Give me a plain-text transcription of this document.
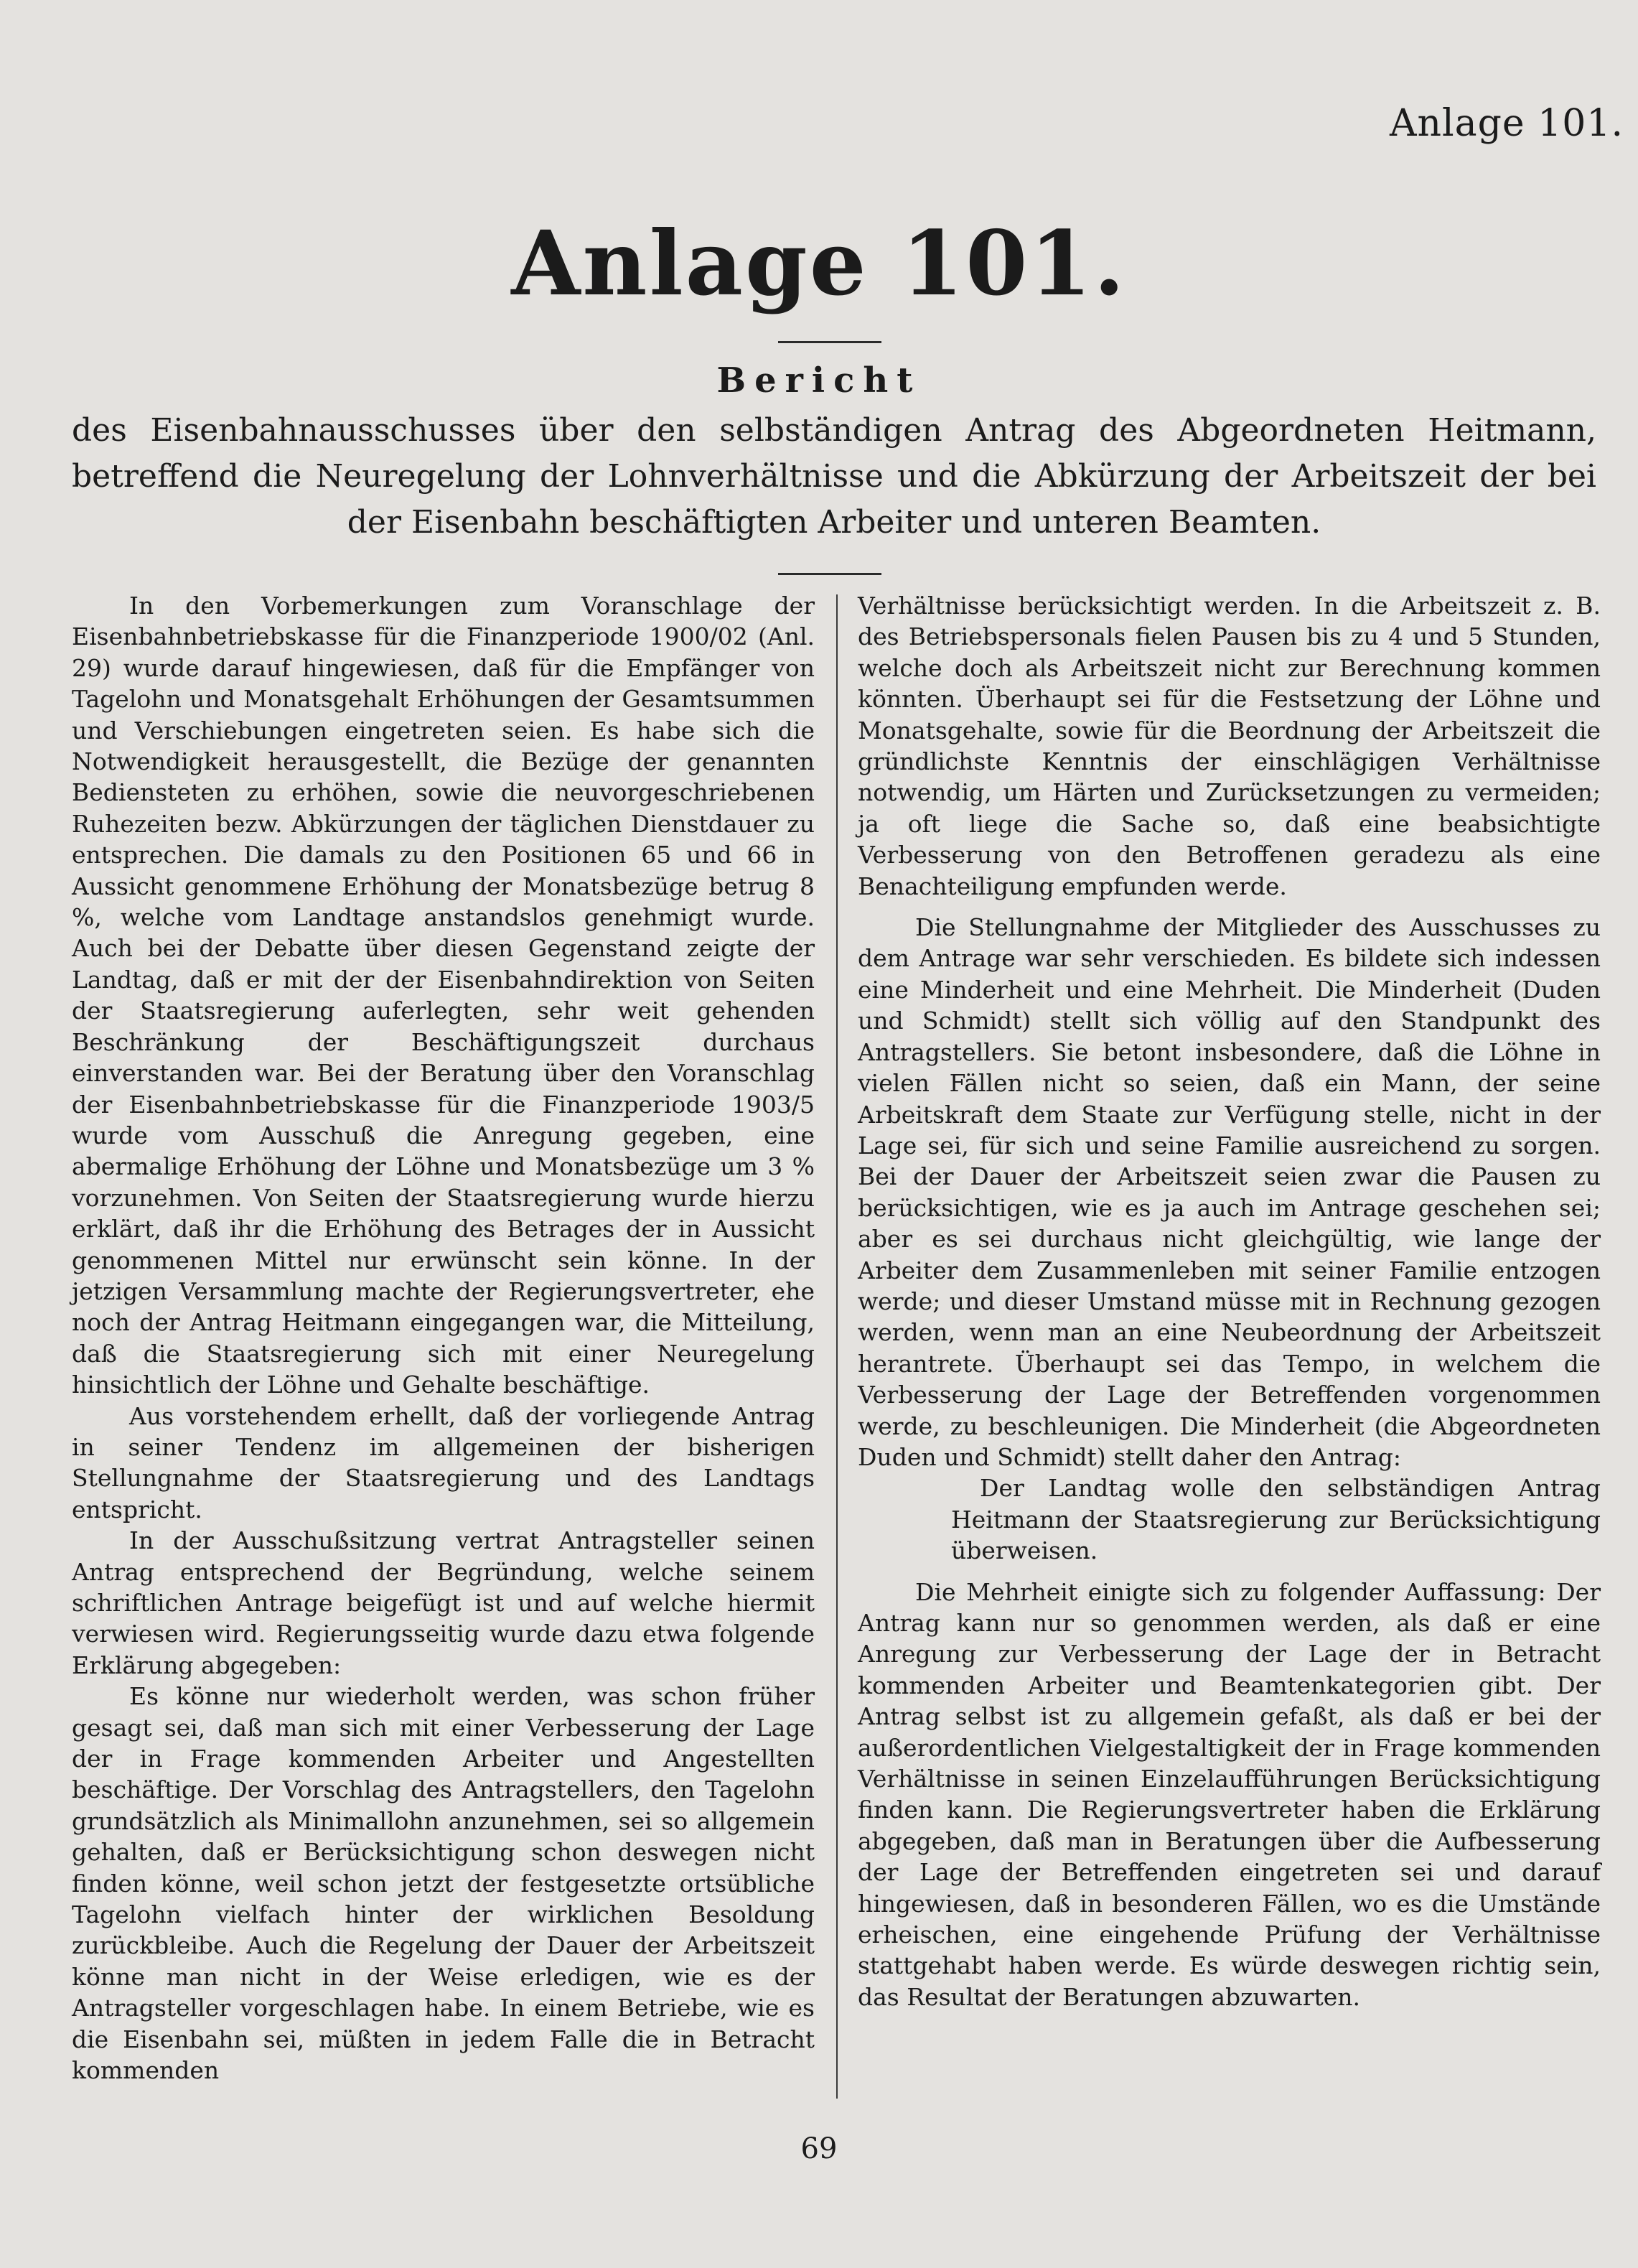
Anlage 101.
Anlage 101.
Bericht
des Eisenbahnausschusses über den selbständigen Antrag des Abgeordneten Heitmann, betreffend die Neuregelung der Lohnverhältnisse und die Abkürzung der Arbeitszeit der bei der Eisenbahn beschäftigten Arbeiter und unteren Beamten.

In den Vorbemerkungen zum Voranschlage der Eisenbahnbetriebskasse für die Finanzperiode 1900/02 (Anl. 29) wurde darauf hingewiesen, daß für die Empfänger von Tagelohn und Monatsgehalt Erhöhungen der Gesamtsummen und Verschiebungen eingetreten seien. Es habe sich die Notwendigkeit herausgestellt, die Bezüge der genannten Bediensteten zu erhöhen, sowie die neuvorgeschriebenen Ruhezeiten bezw. Abkürzungen der täglichen Dienstdauer zu entsprechen. Die damals zu den Positionen 65 und 66 in Aussicht genommene Erhöhung der Monatsbezüge betrug 8 %, welche vom Landtage anstandslos genehmigt wurde. Auch bei der Debatte über diesen Gegenstand zeigte der Landtag, daß er mit der der Eisenbahndirektion von Seiten der Staatsregierung auferlegten, sehr weit gehenden Beschränkung der Beschäftigungszeit durchaus einverstanden war. Bei der Beratung über den Voranschlag der Eisenbahnbetriebskasse für die Finanzperiode 1903/5 wurde vom Ausschuß die Anregung gegeben, eine abermalige Erhöhung der Löhne und Monatsbezüge um 3 % vorzunehmen. Von Seiten der Staatsregierung wurde hierzu erklärt, daß ihr die Erhöhung des Betrages der in Aussicht genommenen Mittel nur erwünscht sein könne. In der jetzigen Versammlung machte der Regierungsvertreter, ehe noch der Antrag Heitmann eingegangen war, die Mitteilung, daß die Staatsregierung sich mit einer Neuregelung hinsichtlich der Löhne und Gehalte beschäftige.

Aus vorstehendem erhellt, daß der vorliegende Antrag in seiner Tendenz im allgemeinen der bisherigen Stellungnahme der Staatsregierung und des Landtags entspricht.

In der Ausschußsitzung vertrat Antragsteller seinen Antrag entsprechend der Begründung, welche seinem schriftlichen Antrage beigefügt ist und auf welche hiermit verwiesen wird. Regierungsseitig wurde dazu etwa folgende Erklärung abgegeben:

Es könne nur wiederholt werden, was schon früher gesagt sei, daß man sich mit einer Verbesserung der Lage der in Frage kommenden Arbeiter und Angestellten beschäftige. Der Vorschlag des Antragstellers, den Tagelohn grundsätzlich als Minimallohn anzunehmen, sei so allgemein gehalten, daß er Berücksichtigung schon deswegen nicht finden könne, weil schon jetzt der festgesetzte ortsübliche Tagelohn vielfach hinter der wirklichen Besoldung zurückbleibe. Auch die Regelung der Dauer der Arbeitszeit könne man nicht in der Weise erledigen, wie es der Antragsteller vorgeschlagen habe. In einem Betriebe, wie es die Eisenbahn sei, müßten in jedem Falle die in Betracht kommenden

Verhältnisse berücksichtigt werden. In die Arbeitszeit z. B. des Betriebspersonals fielen Pausen bis zu 4 und 5 Stunden, welche doch als Arbeitszeit nicht zur Berechnung kommen könnten. Überhaupt sei für die Festsetzung der Löhne und Monatsgehalte, sowie für die Beordnung der Arbeitszeit die gründlichste Kenntnis der einschlägigen Verhältnisse notwendig, um Härten und Zurücksetzungen zu vermeiden; ja oft liege die Sache so, daß eine beabsichtigte Verbesserung von den Betroffenen geradezu als eine Benachteiligung empfunden werde.

Die Stellungnahme der Mitglieder des Ausschusses zu dem Antrage war sehr verschieden. Es bildete sich indessen eine Minderheit und eine Mehrheit. Die Minderheit (Duden und Schmidt) stellt sich völlig auf den Standpunkt des Antragstellers. Sie betont insbesondere, daß die Löhne in vielen Fällen nicht so seien, daß ein Mann, der seine Arbeitskraft dem Staate zur Verfügung stelle, nicht in der Lage sei, für sich und seine Familie ausreichend zu sorgen. Bei der Dauer der Arbeitszeit seien zwar die Pausen zu berücksichtigen, wie es ja auch im Antrage geschehen sei; aber es sei durchaus nicht gleichgültig, wie lange der Arbeiter dem Zusammenleben mit seiner Familie entzogen werde; und dieser Umstand müsse mit in Rechnung gezogen werden, wenn man an eine Neubeordnung der Arbeitszeit herantrete. Überhaupt sei das Tempo, in welchem die Verbesserung der Lage der Betreffenden vorgenommen werde, zu beschleunigen. Die Minderheit (die Abgeordneten Duden und Schmidt) stellt daher den Antrag:

Der Landtag wolle den selbständigen Antrag Heitmann der Staatsregierung zur Berücksichtigung überweisen.

Die Mehrheit einigte sich zu folgender Auffassung: Der Antrag kann nur so genommen werden, als daß er eine Anregung zur Verbesserung der Lage der in Betracht kommenden Arbeiter und Beamtenkategorien gibt. Der Antrag selbst ist zu allgemein gefaßt, als daß er bei der außerordentlichen Vielgestaltigkeit der in Frage kommenden Verhältnisse in seinen Einzelaufführungen Berücksichtigung finden kann. Die Regierungsvertreter haben die Erklärung abgegeben, daß man in Beratungen über die Aufbesserung der Lage der Betreffenden eingetreten sei und darauf hingewiesen, daß in besonderen Fällen, wo es die Umstände erheischen, eine eingehende Prüfung der Verhältnisse stattgehabt haben werde. Es würde deswegen richtig sein, das Resultat der Beratungen abzuwarten.

69
